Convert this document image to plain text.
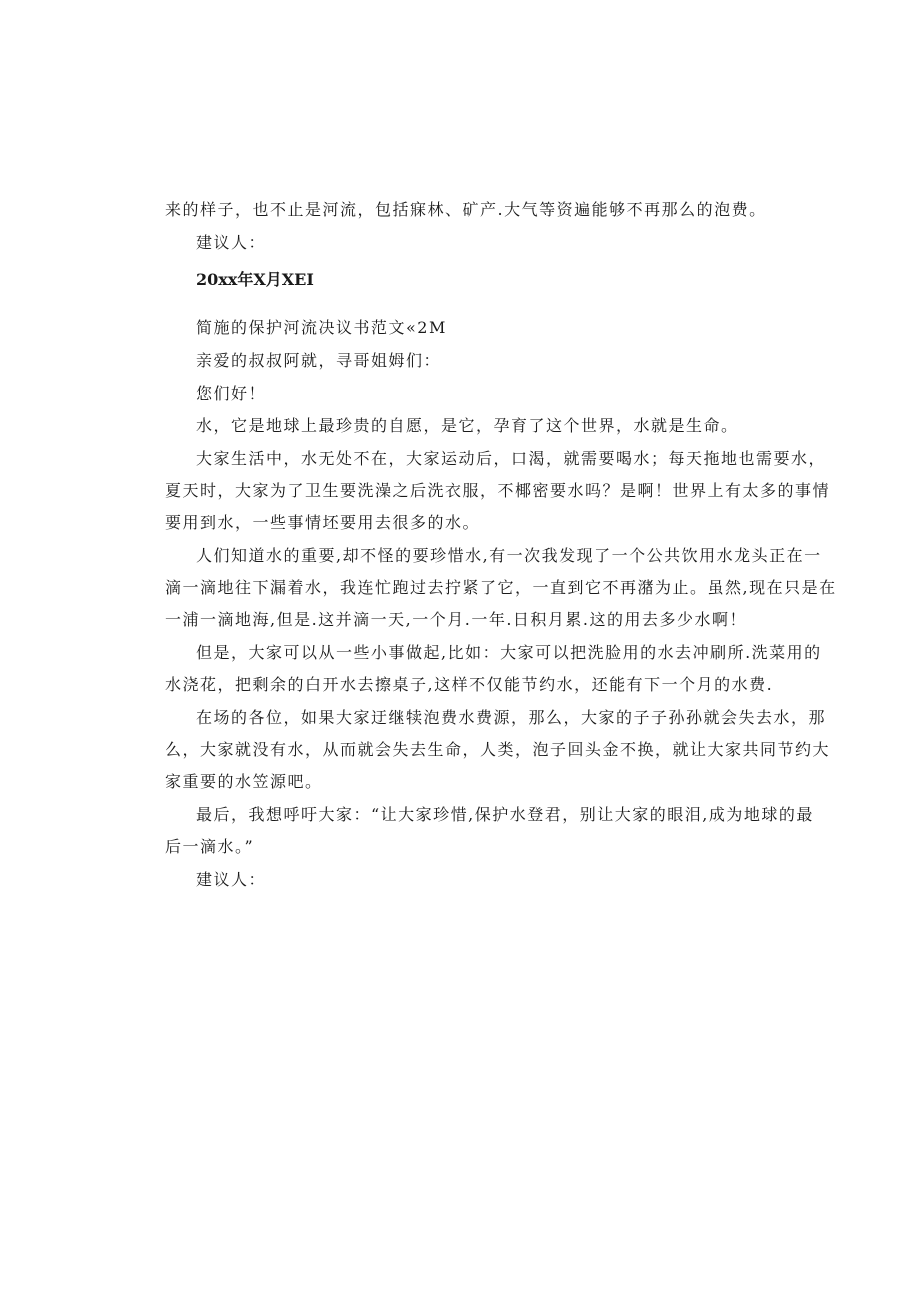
来的样子，也不止是河流，包括寐林、矿产.大气等资遍能够不再那么的泡费。
建议人：
20xx年X月XEI
简施的保护河流决议书范文«2M
亲爱的叔叔阿就，寻哥姐姆们：
您们好！
水，它是地球上最珍贵的自愿，是它，孕育了这个世界，水就是生命。
大家生活中，水无处不在，大家运动后，口渴，就需要喝水；每天拖地也需要水，
夏天时，大家为了卫生要洗澡之后洗衣服，不椰密要水吗？是啊！世界上有太多的事情
要用到水，一些事情坯要用去很多的水。
人们知道水的重要,却不怪的要珍惜水,有一次我发现了一个公共饮用水龙头正在一
滴一滴地往下漏着水，我连忙跑过去拧紧了它，一直到它不再潴为止。虽然,现在只是在
一浦一滴地海,但是.这并滴一天,一个月.一年.日积月累.这的用去多少水啊！
但是，大家可以从一些小事做起,比如：大家可以把洗脸用的水去冲刷所.洗菜用的
水浇花，把剩余的白开水去擦桌子,这样不仅能节约水，还能有下一个月的水费.
在场的各位，如果大家迂继犊泡费水费源，那么，大家的子子孙孙就会失去水，那
么，大家就没有水，从而就会失去生命，人类，泡子回头金不换，就让大家共同节约大
家重要的水笠源吧。
最后，我想呼吁大家：“让大家珍惜,保护水登君，别让大家的眼泪,成为地球的最
后一滴水。”
建议人：
